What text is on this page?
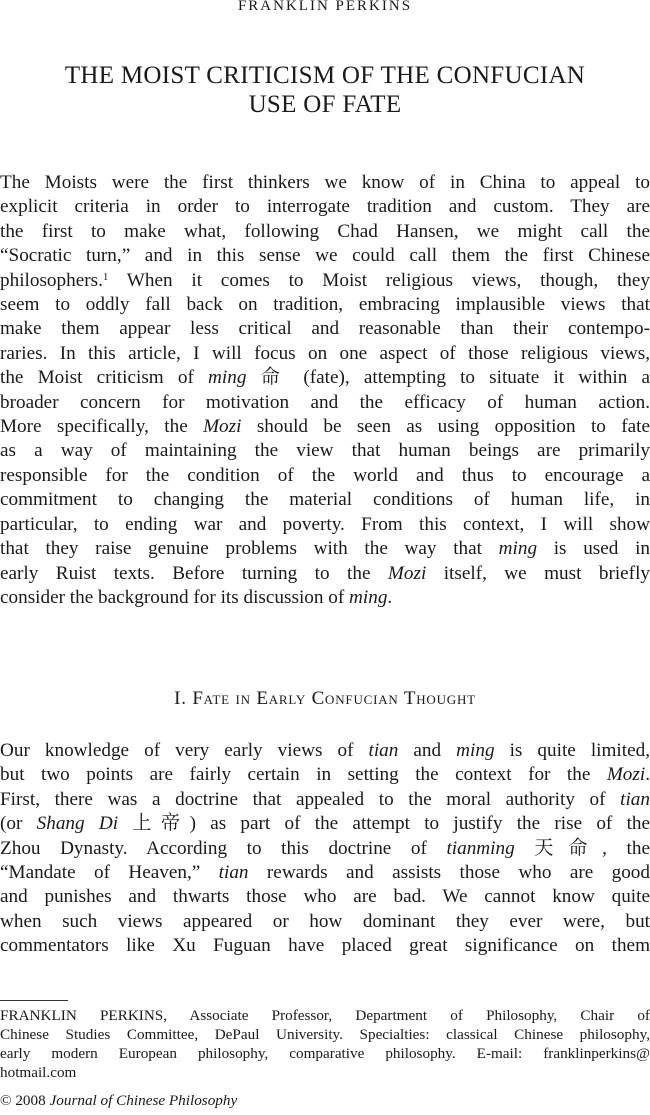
FRANKLIN PERKINS
THE MOIST CRITICISM OF THE CONFUCIAN
USE OF FATE
The Moists were the first thinkers we know of in China to appeal to
explicit criteria in order to interrogate tradition and custom. They are
the first to make what, following Chad Hansen, we might call the
“Socratic turn,” and in this sense we could call them the first Chinese
philosophers.$^1$ When it comes to Moist religious views, though, they
seem to oddly fall back on tradition, embracing implausible views that
make them appear less critical and reasonable than their contempo-
raries. In this article, I will focus on one aspect of those religious views,
the Moist criticism of ming 命 (fate), attempting to situate it within a
broader concern for motivation and the efficacy of human action.
More specifically, the Mozi should be seen as using opposition to fate
as a way of maintaining the view that human beings are primarily
responsible for the condition of the world and thus to encourage a
commitment to changing the material conditions of human life, in
particular, to ending war and poverty. From this context, I will show
that they raise genuine problems with the way that ming is used in
early Ruist texts. Before turning to the Mozi itself, we must briefly
consider the background for its discussion of ming.
I. Fate in Early Confucian Thought
Our knowledge of very early views of tian and ming is quite limited,
but two points are fairly certain in setting the context for the Mozi.
First, there was a doctrine that appealed to the moral authority of tian
(or Shang Di 上帝) as part of the attempt to justify the rise of the
Zhou Dynasty. According to this doctrine of tianming 天命, the
“Mandate of Heaven,” tian rewards and assists those who are good
and punishes and thwarts those who are bad. We cannot know quite
when such views appeared or how dominant they ever were, but
commentators like Xu Fuguan have placed great significance on them
FRANKLIN PERKINS, Associate Professor, Department of Philosophy, Chair of
Chinese Studies Committee, DePaul University. Specialties: classical Chinese philosophy,
early modern European philosophy, comparative philosophy. E-mail: franklinperkins@
hotmail.com
© 2008 Journal of Chinese Philosophy
